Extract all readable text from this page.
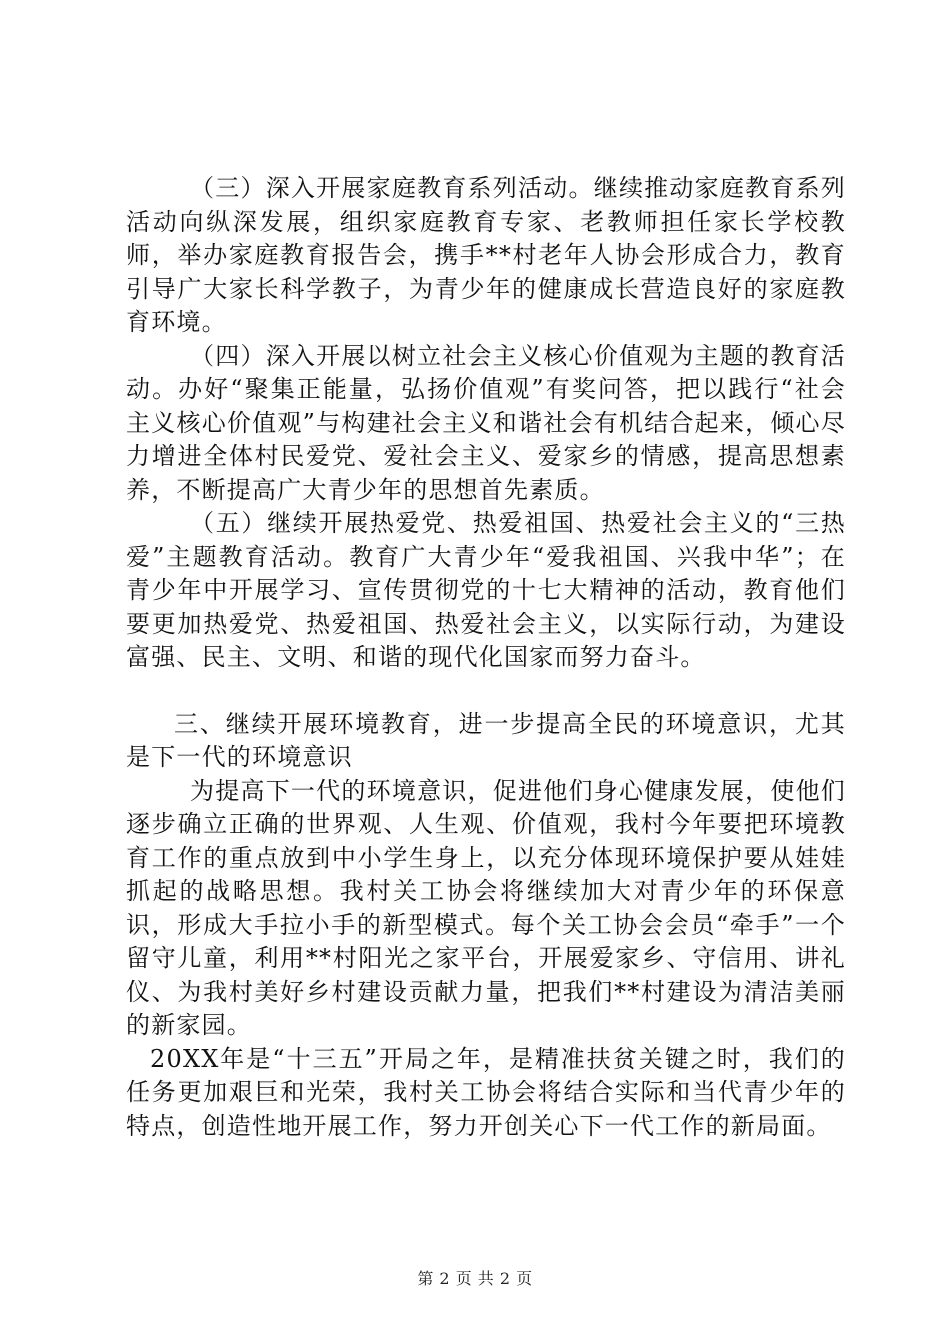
（三）深入开展家庭教育系列活动。继续推动家庭教育系列活动向纵深发展，组织家庭教育专家、老教师担任家长学校教师，举办家庭教育报告会，携手**村老年人协会形成合力，教育引导广大家长科学教子，为青少年的健康成长营造良好的家庭教育环境。

（四）深入开展以树立社会主义核心价值观为主题的教育活动。办好“聚集正能量，弘扬价值观”有奖问答，把以践行“社会主义核心价值观”与构建社会主义和谐社会有机结合起来，倾心尽力增进全体村民爱党、爱社会主义、爱家乡的情感，提高思想素养，不断提高广大青少年的思想首先素质。

（五）继续开展热爱党、热爱祖国、热爱社会主义的“三热爱”主题教育活动。教育广大青少年“爱我祖国、兴我中华”；在青少年中开展学习、宣传贯彻党的十七大精神的活动，教育他们要更加热爱党、热爱祖国、热爱社会主义，以实际行动，为建设富强、民主、文明、和谐的现代化国家而努力奋斗。

三、继续开展环境教育，进一步提高全民的环境意识，尤其是下一代的环境意识

为提高下一代的环境意识，促进他们身心健康发展，使他们逐步确立正确的世界观、人生观、价值观，我村今年要把环境教育工作的重点放到中小学生身上，以充分体现环境保护要从娃娃抓起的战略思想。我村关工协会将继续加大对青少年的环保意识，形成大手拉小手的新型模式。每个关工协会会员“牵手”一个留守儿童，利用**村阳光之家平台，开展爱家乡、守信用、讲礼仪、为我村美好乡村建设贡献力量，把我们**村建设为清洁美丽的新家园。

20XX年是“十三五”开局之年，是精准扶贫关键之时，我们的任务更加艰巨和光荣，我村关工协会将结合实际和当代青少年的特点，创造性地开展工作，努力开创关心下一代工作的新局面。

第 2 页 共 2 页
